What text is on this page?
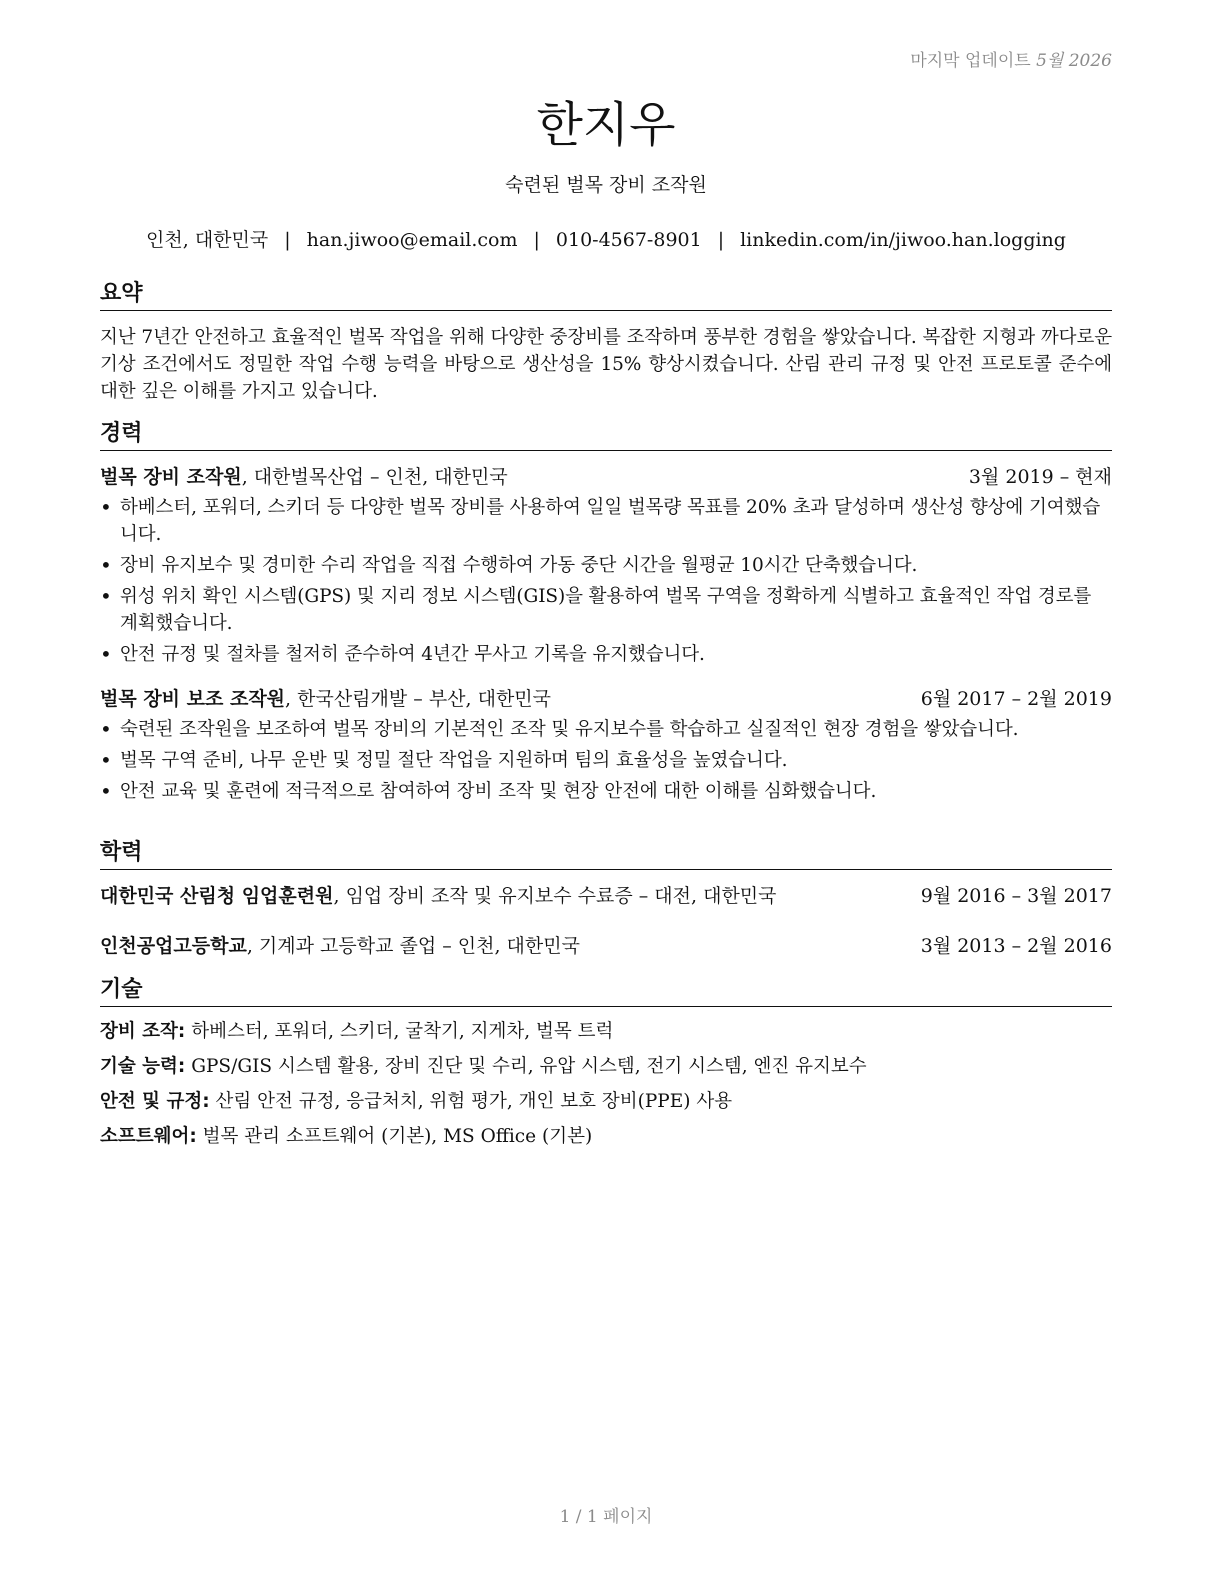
마지막 업데이트 5월 2026
한지우
숙련된 벌목 장비 조작원
인천, 대한민국 | han.jiwoo@email.com | 010-4567-8901 | linkedin.com/in/jiwoo.han.logging
요약
지난 7년간 안전하고 효율적인 벌목 작업을 위해 다양한 중장비를 조작하며 풍부한 경험을 쌓았습니다. 복잡한 지형과 까다로운 기상 조건에서도 정밀한 작업 수행 능력을 바탕으로 생산성을 15% 향상시켰습니다. 산림 관리 규정 및 안전 프로토콜 준수에 대한 깊은 이해를 가지고 있습니다.
경력
벌목 장비 조작원, 대한벌목산업 – 인천, 대한민국	3월 2019 – 현재
• 하베스터, 포워더, 스키더 등 다양한 벌목 장비를 사용하여 일일 벌목량 목표를 20% 초과 달성하며 생산성 향상에 기여했습니다.
• 장비 유지보수 및 경미한 수리 작업을 직접 수행하여 가동 중단 시간을 월평균 10시간 단축했습니다.
• 위성 위치 확인 시스템(GPS) 및 지리 정보 시스템(GIS)을 활용하여 벌목 구역을 정확하게 식별하고 효율적인 작업 경로를 계획했습니다.
• 안전 규정 및 절차를 철저히 준수하여 4년간 무사고 기록을 유지했습니다.
벌목 장비 보조 조작원, 한국산림개발 – 부산, 대한민국	6월 2017 – 2월 2019
• 숙련된 조작원을 보조하여 벌목 장비의 기본적인 조작 및 유지보수를 학습하고 실질적인 현장 경험을 쌓았습니다.
• 벌목 구역 준비, 나무 운반 및 정밀 절단 작업을 지원하며 팀의 효율성을 높였습니다.
• 안전 교육 및 훈련에 적극적으로 참여하여 장비 조작 및 현장 안전에 대한 이해를 심화했습니다.
학력
대한민국 산림청 임업훈련원, 임업 장비 조작 및 유지보수 수료증 – 대전, 대한민국	9월 2016 – 3월 2017
인천공업고등학교, 기계과 고등학교 졸업 – 인천, 대한민국	3월 2013 – 2월 2016
기술
장비 조작: 하베스터, 포워더, 스키더, 굴착기, 지게차, 벌목 트럭
기술 능력: GPS/GIS 시스템 활용, 장비 진단 및 수리, 유압 시스템, 전기 시스템, 엔진 유지보수
안전 및 규정: 산림 안전 규정, 응급처치, 위험 평가, 개인 보호 장비(PPE) 사용
소프트웨어: 벌목 관리 소프트웨어 (기본), MS Office (기본)
1 / 1 페이지
